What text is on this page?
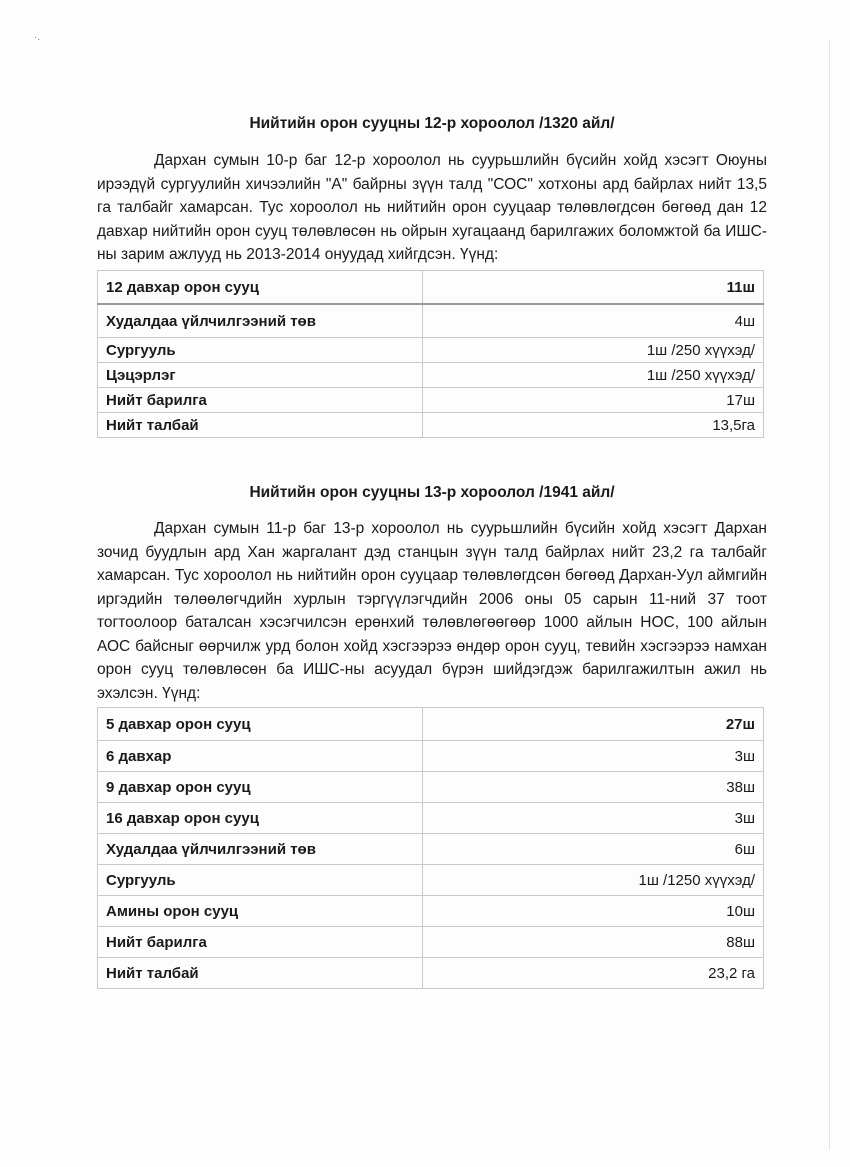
·.
Нийтийн орон сууцны 12-р хороолол /1320 айл/

Дархан сумын 10-р баг 12-р хороолол нь суурьшлийн бүсийн хойд хэсэгт Оюуны ирээдүй сургуулийн хичээлийн "А" байрны зүүн талд "СОС" хотхоны ард байрлах нийт 13,5 га талбайг хамарсан. Тус хороолол нь нийтийн орон сууцаар төлөвлөгдсөн бөгөөд дан 12 давхар нийтийн орон сууц төлөвлөсөн нь ойрын хугацаанд барилгажих боломжтой ба ИШС-ны зарим ажлууд нь 2013-2014 онуудад хийгдсэн. Үүнд:

12 давхар орон сууц	11ш
Худалдаа үйлчилгээний төв	4ш
Сургууль	1ш /250 хүүхэд/
Цэцэрлэг	1ш /250 хүүхэд/
Нийт барилга	17ш
Нийт талбай	13,5га
Нийтийн орон сууцны 13-р хороолол /1941 айл/

Дархан сумын 11-р баг 13-р хороолол нь суурьшлийн бүсийн хойд хэсэгт Дархан зочид буудлын ард Хан жаргалант дэд станцын зүүн талд байрлах нийт 23,2 га талбайг хамарсан. Тус хороолол нь нийтийн орон сууцаар төлөвлөгдсөн бөгөөд Дархан-Уул аймгийн иргэдийн төлөөлөгчдийн хурлын тэргүүлэгчдийн 2006 оны 05 сарын 11-ний 37 тоот тогтоолоор баталсан хэсэгчилсэн ерөнхий төлөвлөгөөгөөр 1000 айлын НОС, 100 айлын АОС байсныг өөрчилж урд болон хойд хэсгээрээ өндөр орон сууц, тевийн хэсгээрээ намхан орон сууц төлөвлөсөн ба ИШС-ны асуудал бүрэн шийдэгдэж барилгажилтын ажил нь эхэлсэн. Үүнд:

5 давхар орон сууц	27ш
6 давхар	3ш
9 давхар орон сууц	38ш
16 давхар орон сууц	3ш
Худалдаа үйлчилгээний төв	6ш
Сургууль	1ш /1250 хүүхэд/
Амины орон сууц	10ш
Нийт барилга	88ш
Нийт талбай	23,2 га
